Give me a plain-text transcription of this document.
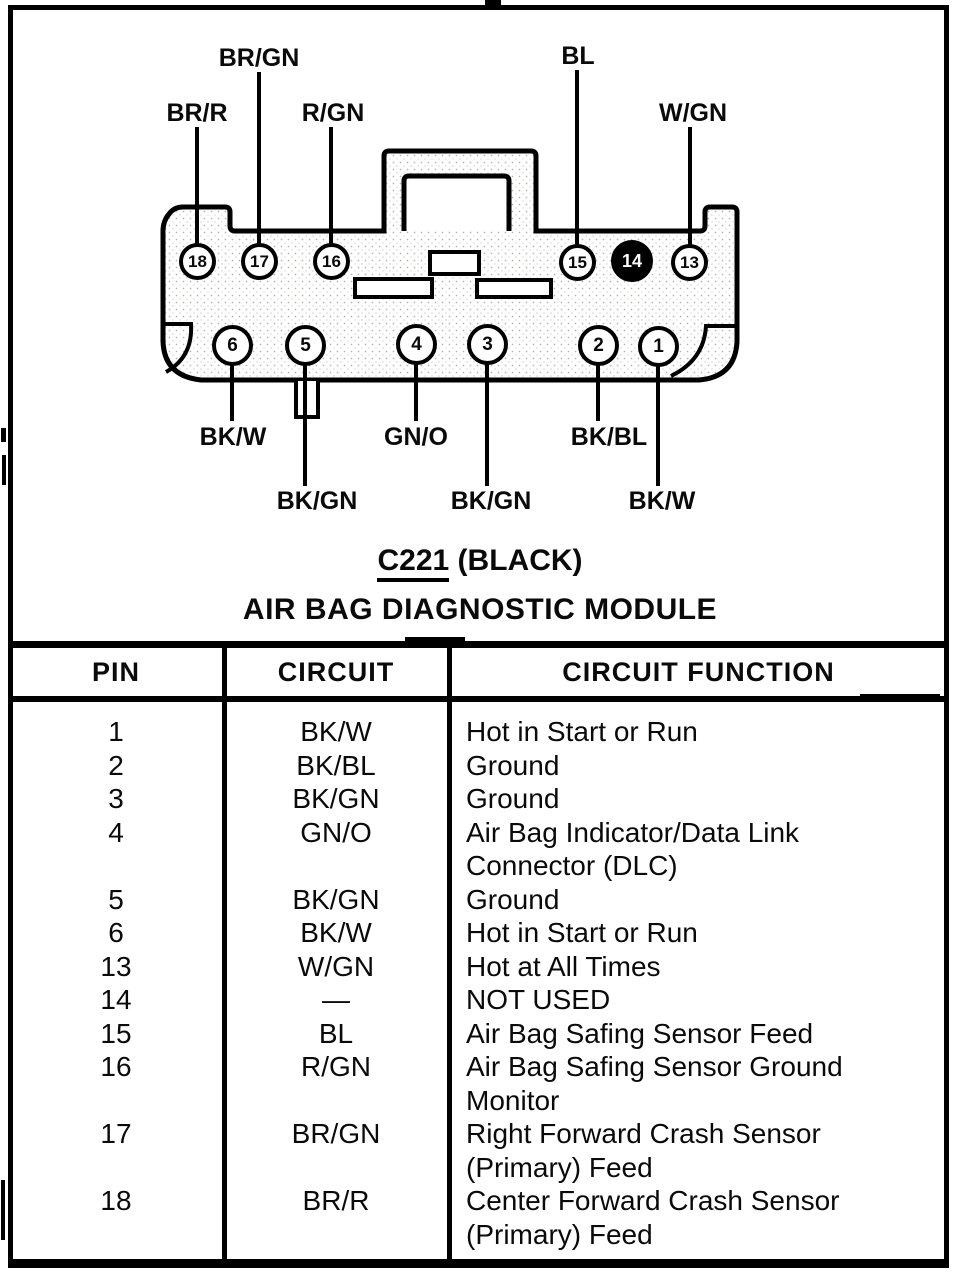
BR/R
BR/GN
R/GN
BL
W/GN
BK/W
BK/GN
GN/O
BK/GN
BK/BL
BK/W
18	17	16	15	14	13
6	5	4	3	2	1
C221 (BLACK)
AIR BAG DIAGNOSTIC MODULE
PIN	CIRCUIT	CIRCUIT FUNCTION
1	BK/W	Hot in Start or Run

2	BK/BL	Ground

3	BK/GN	Ground

4	GN/O	Air Bag Indicator/Data Link
Connector (DLC)

5	BK/GN	Ground

6	BK/W	Hot in Start or Run

13	W/GN	Hot at All Times

14	—	NOT USED

15	BL	Air Bag Safing Sensor Feed

16	R/GN	Air Bag Safing Sensor Ground
Monitor

17	BR/GN	Right Forward Crash Sensor
(Primary) Feed

18	BR/R	Center Forward Crash Sensor
(Primary) Feed
